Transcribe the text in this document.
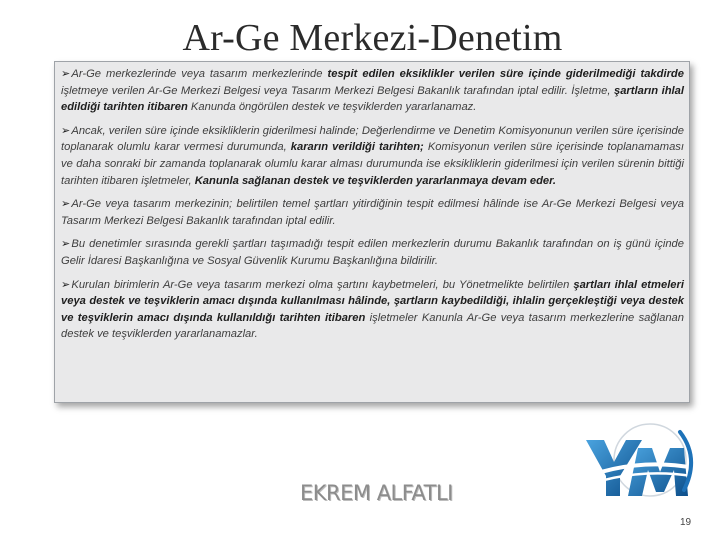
Ar-Ge Merkezi-Denetim

➢Ar-Ge merkezlerinde veya tasarım merkezlerinde tespit edilen eksiklikler verilen süre içinde giderilmediği takdirde işletmeye verilen Ar-Ge Merkezi Belgesi veya Tasarım Merkezi Belgesi Bakanlık tarafından iptal edilir. İşletme, şartların ihlal edildiği tarihten itibaren Kanunda öngörülen destek ve teşviklerden yararlanamaz.

➢Ancak, verilen süre içinde eksikliklerin giderilmesi halinde; Değerlendirme ve Denetim Komisyonunun verilen süre içerisinde toplanarak olumlu karar vermesi durumunda, kararın verildiği tarihten; Komisyonun verilen süre içerisinde toplanamaması ve daha sonraki bir zamanda toplanarak olumlu karar alması durumunda ise eksikliklerin giderilmesi için verilen sürenin bittiği tarihten itibaren işletmeler, Kanunla sağlanan destek ve teşviklerden yararlanmaya devam eder.

➢Ar-Ge veya tasarım merkezinin; belirtilen temel şartları yitirdiğinin tespit edilmesi hâlinde ise Ar-Ge Merkezi Belgesi veya Tasarım Merkezi Belgesi Bakanlık tarafından iptal edilir.

➢Bu denetimler sırasında gerekli şartları taşımadığı tespit edilen merkezlerin durumu Bakanlık tarafından on iş günü içinde Gelir İdaresi Başkanlığına ve Sosyal Güvenlik Kurumu Başkanlığına bildirilir.

➢Kurulan birimlerin Ar-Ge veya tasarım merkezi olma şartını kaybetmeleri, bu Yönetmelikte belirtilen şartları ihlal etmeleri veya destek ve teşviklerin amacı dışında kullanılması hâlinde, şartların kaybedildiği, ihlalin gerçekleştiği veya destek ve teşviklerin amacı dışında kullanıldığı tarihten itibaren işletmeler Kanunla Ar-Ge veya tasarım merkezlerine sağlanan destek ve teşviklerden yararlanamazlar.

EKREM ALFATLI
19
